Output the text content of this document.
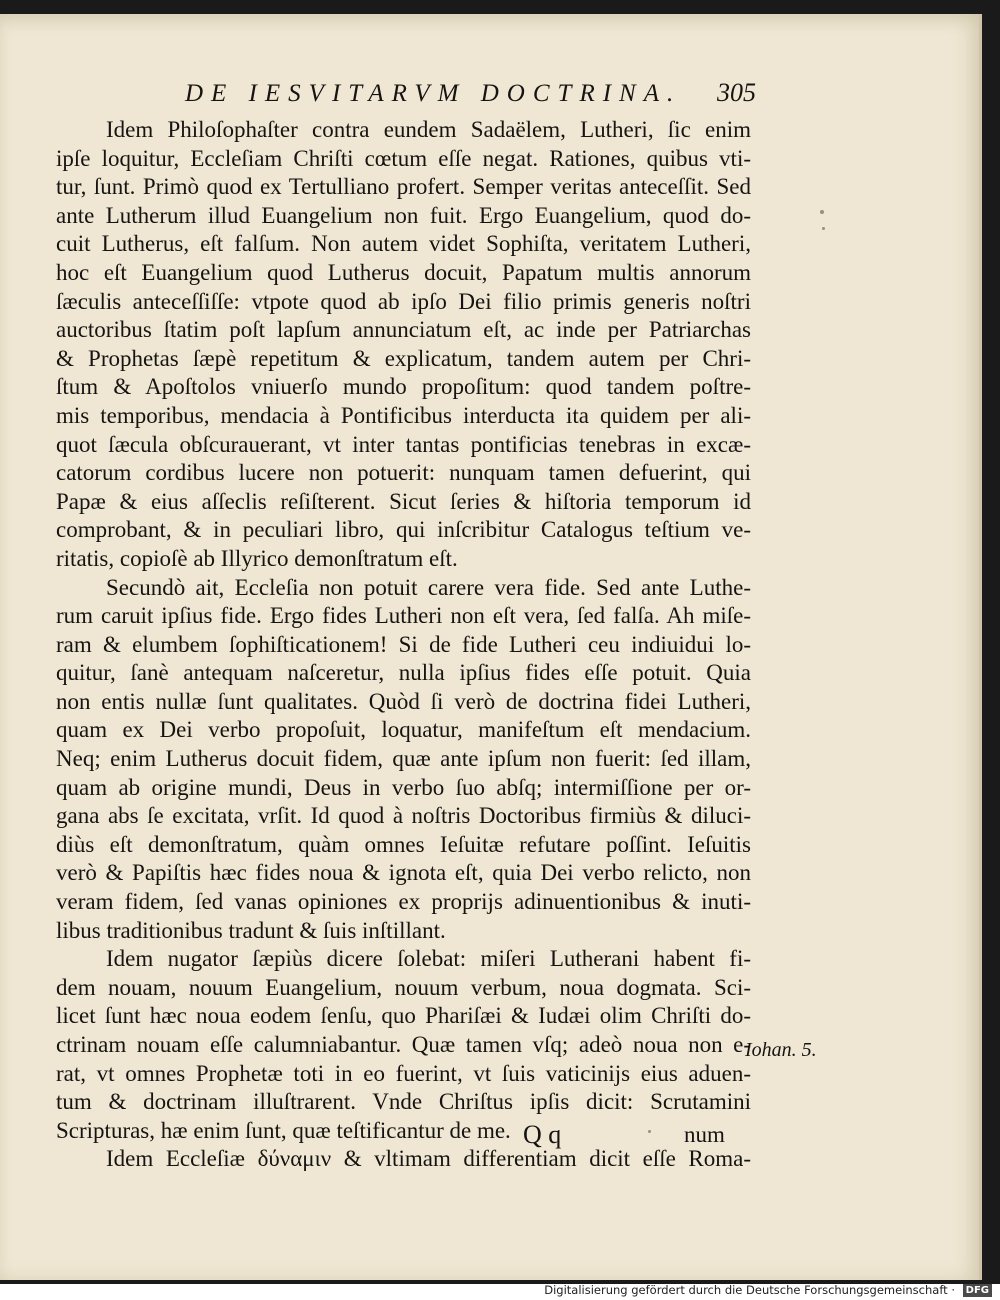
DE IESVITARVM DOCTRINA. 305
Idem Philoſophaſter contra eundem Sadaëlem, Lutheri, ſic enim
ipſe loquitur, Eccleſiam Chriſti cœtum eſſe negat. Rationes, quibus vti-
tur, ſunt. Primò quod ex Tertulliano profert. Semper veritas anteceſſit. Sed
ante Lutherum illud Euangelium non fuit. Ergo Euangelium, quod do-
cuit Lutherus, eſt falſum. Non autem videt Sophiſta, veritatem Lutheri,
hoc eſt Euangelium quod Lutherus docuit, Papatum multis annorum
ſæculis anteceſſiſſe: vtpote quod ab ipſo Dei filio primis generis noſtri
auctoribus ſtatim poſt lapſum annunciatum eſt, ac inde per Patriarchas
& Prophetas ſæpè repetitum & explicatum, tandem autem per Chri-
ſtum & Apoſtolos vniuerſo mundo propoſitum: quod tandem poſtre-
mis temporibus, mendacia à Pontificibus interducta ita quidem per ali-
quot ſæcula obſcurauerant, vt inter tantas pontificias tenebras in excæ-
catorum cordibus lucere non potuerit: nunquam tamen defuerint, qui
Papæ & eius aſſeclis reſiſterent. Sicut ſeries & hiſtoria temporum id
comprobant, & in peculiari libro, qui inſcribitur Catalogus teſtium ve-
ritatis, copioſè ab Illyrico demonſtratum eſt.
Secundò ait, Eccleſia non potuit carere vera fide. Sed ante Luthe-
rum caruit ipſius fide. Ergo fides Lutheri non eſt vera, ſed falſa. Ah miſe-
ram & elumbem ſophiſticationem! Si de fide Lutheri ceu indiuidui lo-
quitur, ſanè antequam naſceretur, nulla ipſius fides eſſe potuit. Quia
non entis nullæ ſunt qualitates. Quòd ſi verò de doctrina fidei Lutheri,
quam ex Dei verbo propoſuit, loquatur, manifeſtum eſt mendacium.
Neq; enim Lutherus docuit fidem, quæ ante ipſum non fuerit: ſed illam,
quam ab origine mundi, Deus in verbo ſuo abſq; intermiſſione per or-
gana abs ſe excitata, vrſit. Id quod à noſtris Doctoribus firmiùs & diluci-
diùs eſt demonſtratum, quàm omnes Ieſuitæ refutare poſſint. Ieſuitis
verò & Papiſtis hæc fides noua & ignota eſt, quia Dei verbo relicto, non
veram fidem, ſed vanas opiniones ex proprijs adinuentionibus & inuti-
libus traditionibus tradunt & ſuis inſtillant.
Idem nugator ſæpiùs dicere ſolebat: miſeri Lutherani habent fi-
dem nouam, nouum Euangelium, nouum verbum, noua dogmata. Sci-
licet ſunt hæc noua eodem ſenſu, quo Phariſæi & Iudæi olim Chriſti do-
ctrinam nouam eſſe calumniabantur. Quæ tamen vſq; adeò noua non e-
rat, vt omnes Prophetæ toti in eo fuerint, vt ſuis vaticinijs eius aduen-
tum & doctrinam illuſtrarent. Vnde Chriſtus ipſis dicit: Scrutamini
Scripturas, hæ enim ſunt, quæ teſtificantur de me.
Idem Eccleſiæ δύναμιν & vltimam differentiam dicit eſſe Roma-
Iohan. 5.
Q q	num
Digitalisierung gefördert durch die Deutsche Forschungsgemeinschaft · DFG
